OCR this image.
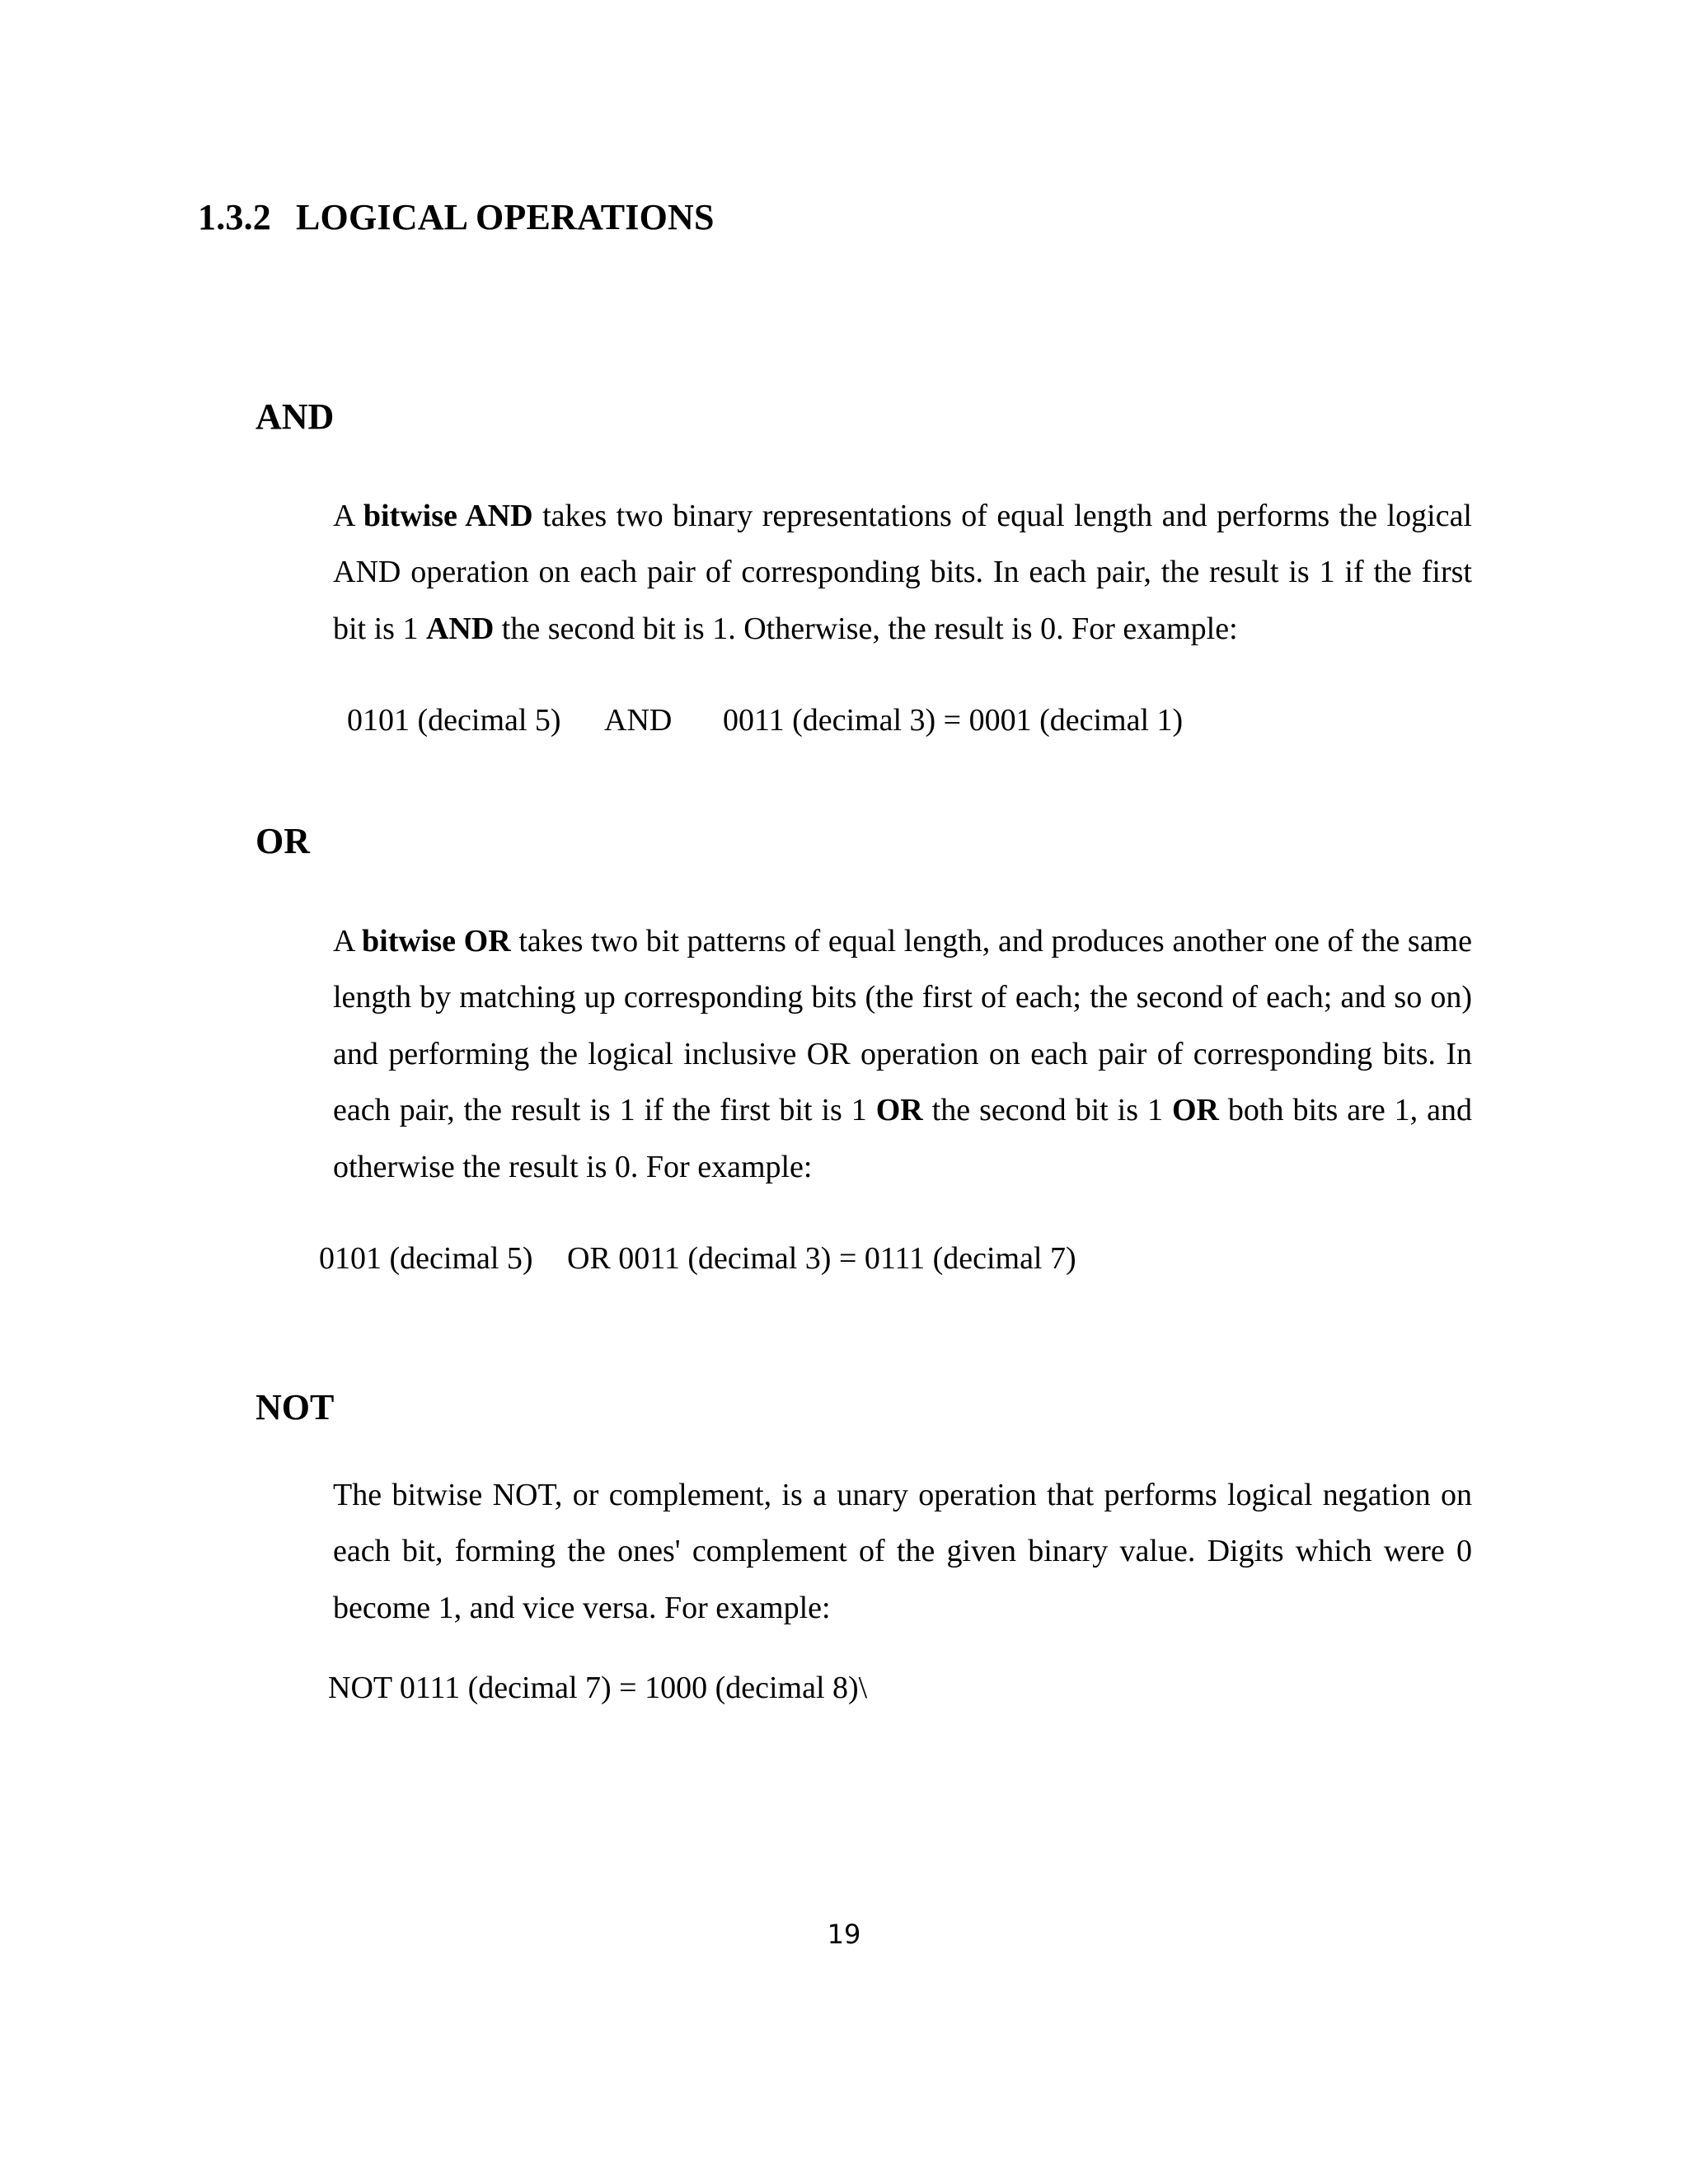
1.3.2 LOGICAL OPERATIONS
AND
A bitwise AND takes two binary representations of equal length and performs the logical AND operation on each pair of corresponding bits. In each pair, the result is 1 if the first bit is 1 AND the second bit is 1. Otherwise, the result is 0. For example:
0101 (decimal 5) AND 0011 (decimal 3) = 0001 (decimal 1)
OR
A bitwise OR takes two bit patterns of equal length, and produces another one of the same length by matching up corresponding bits (the first of each; the second of each; and so on) and performing the logical inclusive OR operation on each pair of corresponding bits. In each pair, the result is 1 if the first bit is 1 OR the second bit is 1 OR both bits are 1, and otherwise the result is 0. For example:
0101 (decimal 5) OR 0011 (decimal 3) = 0111 (decimal 7)
NOT
The bitwise NOT, or complement, is a unary operation that performs logical negation on each bit, forming the ones' complement of the given binary value. Digits which were 0 become 1, and vice versa. For example:
NOT 0111 (decimal 7) = 1000 (decimal 8)\
19
